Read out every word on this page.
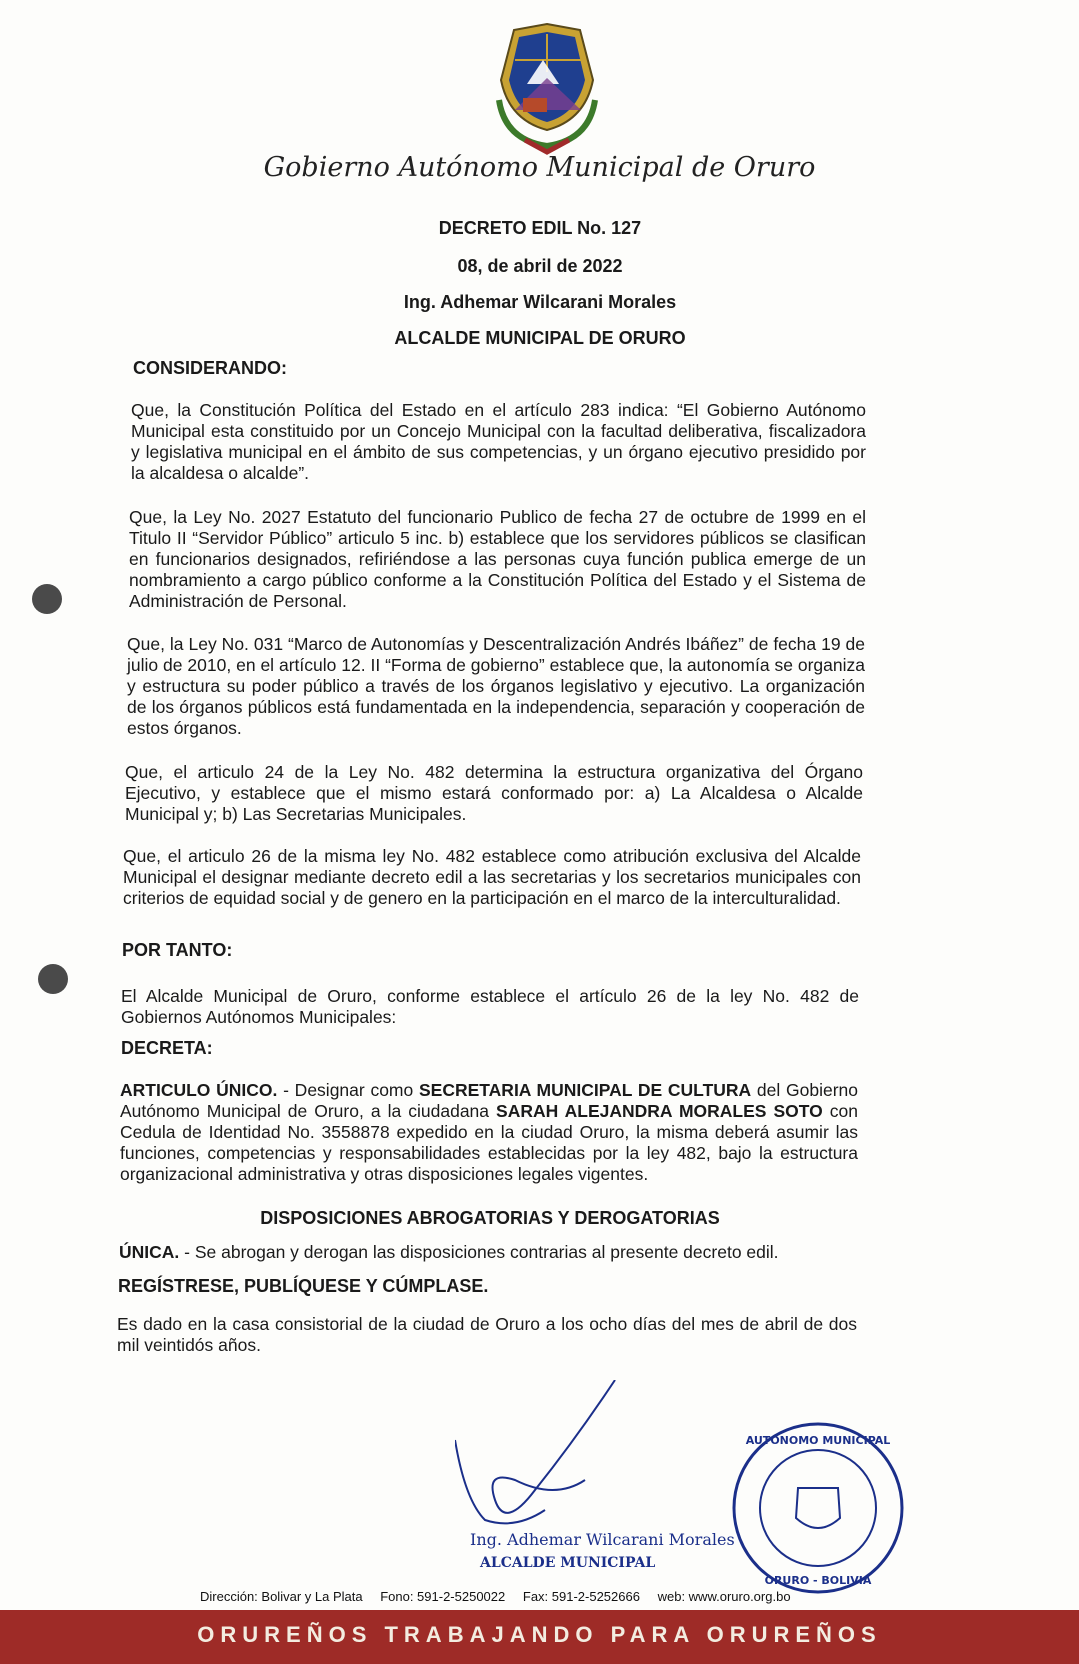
Gobierno Autónomo Municipal de Oruro
DECRETO EDIL No. 127
08, de abril de 2022
Ing. Adhemar Wilcarani Morales
ALCALDE MUNICIPAL DE ORURO
CONSIDERANDO:
Que, la Constitución Política del Estado en el artículo 283 indica: “El Gobierno Autónomo Municipal esta constituido por un Concejo Municipal con la facultad deliberativa, fiscalizadora y legislativa municipal en el ámbito de sus competencias, y un órgano ejecutivo presidido por la alcaldesa o alcalde”.
Que, la Ley No. 2027 Estatuto del funcionario Publico de fecha 27 de octubre de 1999 en el Titulo II “Servidor Público” articulo 5 inc. b) establece que los servidores públicos se clasifican en funcionarios designados, refiriéndose a las personas cuya función publica emerge de un nombramiento a cargo público conforme a la Constitución Política del Estado y el Sistema de Administración de Personal.
Que, la Ley No. 031 “Marco de Autonomías y Descentralización Andrés Ibáñez” de fecha 19 de julio de 2010, en el artículo 12. II “Forma de gobierno” establece que, la autonomía se organiza y estructura su poder público a través de los órganos legislativo y ejecutivo. La organización de los órganos públicos está fundamentada en la independencia, separación y cooperación de estos órganos.
Que, el articulo 24 de la Ley No. 482 determina la estructura organizativa del Órgano Ejecutivo, y establece que el mismo estará conformado por: a) La Alcaldesa o Alcalde Municipal y; b) Las Secretarias Municipales.
Que, el articulo 26 de la misma ley No. 482 establece como atribución exclusiva del Alcalde Municipal el designar mediante decreto edil a las secretarias y los secretarios municipales con criterios de equidad social y de genero en la participación en el marco de la interculturalidad.
POR TANTO:
El Alcalde Municipal de Oruro, conforme establece el artículo 26 de la ley No. 482 de Gobiernos Autónomos Municipales:
DECRETA:
ARTICULO ÚNICO. - Designar como SECRETARIA MUNICIPAL DE CULTURA del Gobierno Autónomo Municipal de Oruro, a la ciudadana SARAH ALEJANDRA MORALES SOTO con Cedula de Identidad No. 3558878 expedido en la ciudad Oruro, la misma deberá asumir las funciones, competencias y responsabilidades establecidas por la ley 482, bajo la estructura organizacional administrativa y otras disposiciones legales vigentes.
DISPOSICIONES ABROGATORIAS Y DEROGATORIAS
ÚNICA. - Se abrogan y derogan las disposiciones contrarias al presente decreto edil.
REGÍSTRESE, PUBLÍQUESE Y CÚMPLASE.
Es dado en la casa consistorial de la ciudad de Oruro a los ocho días del mes de abril de dos mil veintidós años.
Ing. Adhemar Wilcarani Morales
ALCALDE MUNICIPAL
AUTÓNOMO MUNICIPAL
ORURO - BOLIVIA
Dirección: Bolivar y La Plata Fono: 591-2-5250022 Fax: 591-2-5252666 web: www.oruro.org.bo
ORUREÑOS TRABAJANDO PARA ORUREÑOS
